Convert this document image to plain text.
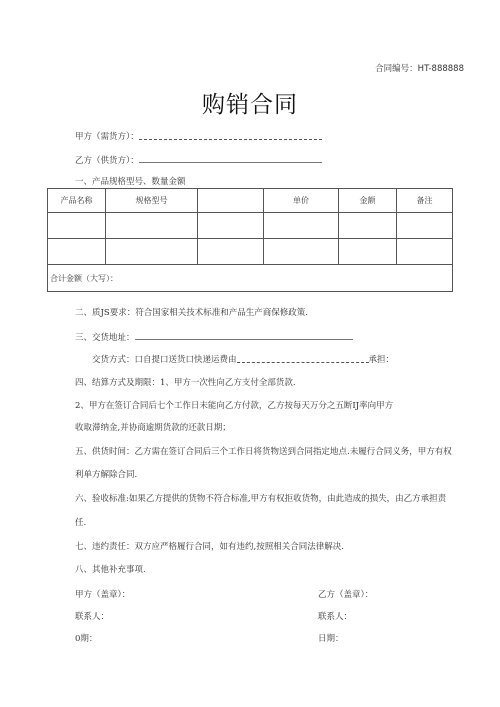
合同编号：HT-888888
购销合同
甲方（需货方）：
乙方（供货方）：
一、产品规格型号、数量金额
产品名称	规格型号		单价	金额	备注

合计金额（大写）：					
二、质JS要求：符合国家相关技术标准和产品生产商保修政策.
三、交货地址：
交货方式：口自提口送货口快递运费由	承担：
四、结算方式及期限：1、甲方一次性向乙方支付全部货款.
2、甲方在签订合同后七个工作日未能向乙方付款，乙方按每天万分之五断IJ率向甲方
收取滞纳金,并协商逾期货款的还款日期；
五、供货时间：乙方需在签订合同后三个工作日将货物送到合同指定地点.未履行合同义务，甲方有权
利单方解除合同.
六、验收标准:如果乙方提供的货物不符合标准,甲方有权拒收货物，由此造成的损失，由乙方承担责
任.
七、违约责任：双方应严格履行合同，如有违约,按照相关合同法律解决.
八、其他补充事项.
甲方（盖章）：	乙方（盖章）：
联系人：	联系人：
0期：	日期：
